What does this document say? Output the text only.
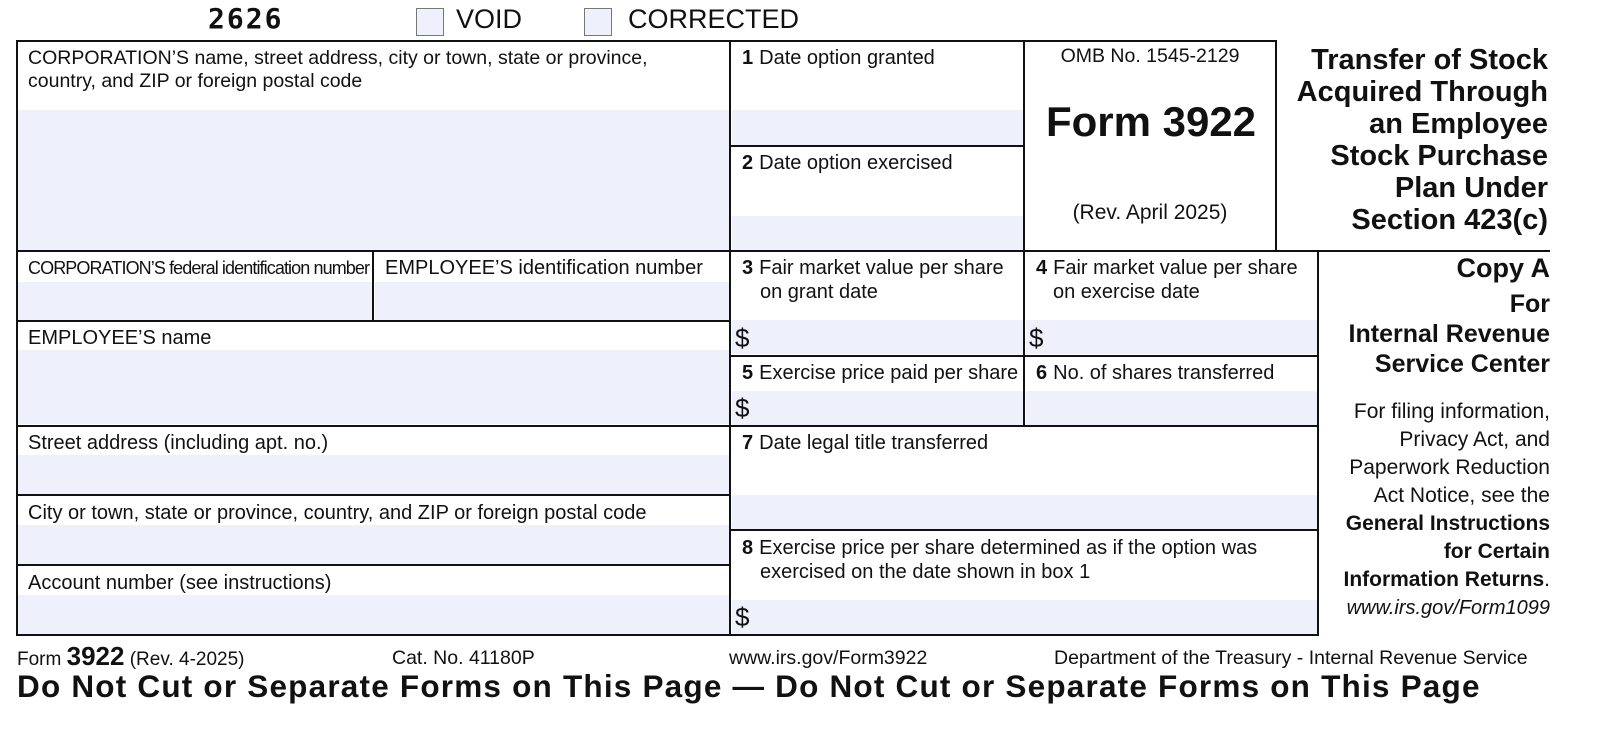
2626	VOID	CORRECTED
CORPORATION’S name, street address, city or town, state or province,
country, and ZIP or foreign postal code
CORPORATION’S federal identification number EMPLOYEE’S identification number
EMPLOYEE’S name
Street address (including apt. no.)
City or town, state or province, country, and ZIP or foreign postal code
Account number (see instructions)
1 Date option granted
2 Date option exercised
3 Fair market value per share
on grant date
$
4 Fair market value per share
on exercise date
$
5 Exercise price paid per share
$
6 No. of shares transferred
7 Date legal title transferred
8 Exercise price per share determined as if the option was
exercised on the date shown in box 1
$
OMB No. 1545-2129
Form 3922
(Rev. April 2025)
Transfer of Stock
Acquired Through
an Employee
Stock Purchase
Plan Under
Section 423(c)
Copy A
For
Internal Revenue
Service Center
For filing information,
Privacy Act, and
Paperwork Reduction
Act Notice, see the
General Instructions
for Certain
Information Returns.
www.irs.gov/Form1099
Form 3922 (Rev. 4-2025)	Cat. No. 41180P	www.irs.gov/Form3922	Department of the Treasury - Internal Revenue Service
Do Not Cut or Separate Forms on This Page — Do Not Cut or Separate Forms on This Page
